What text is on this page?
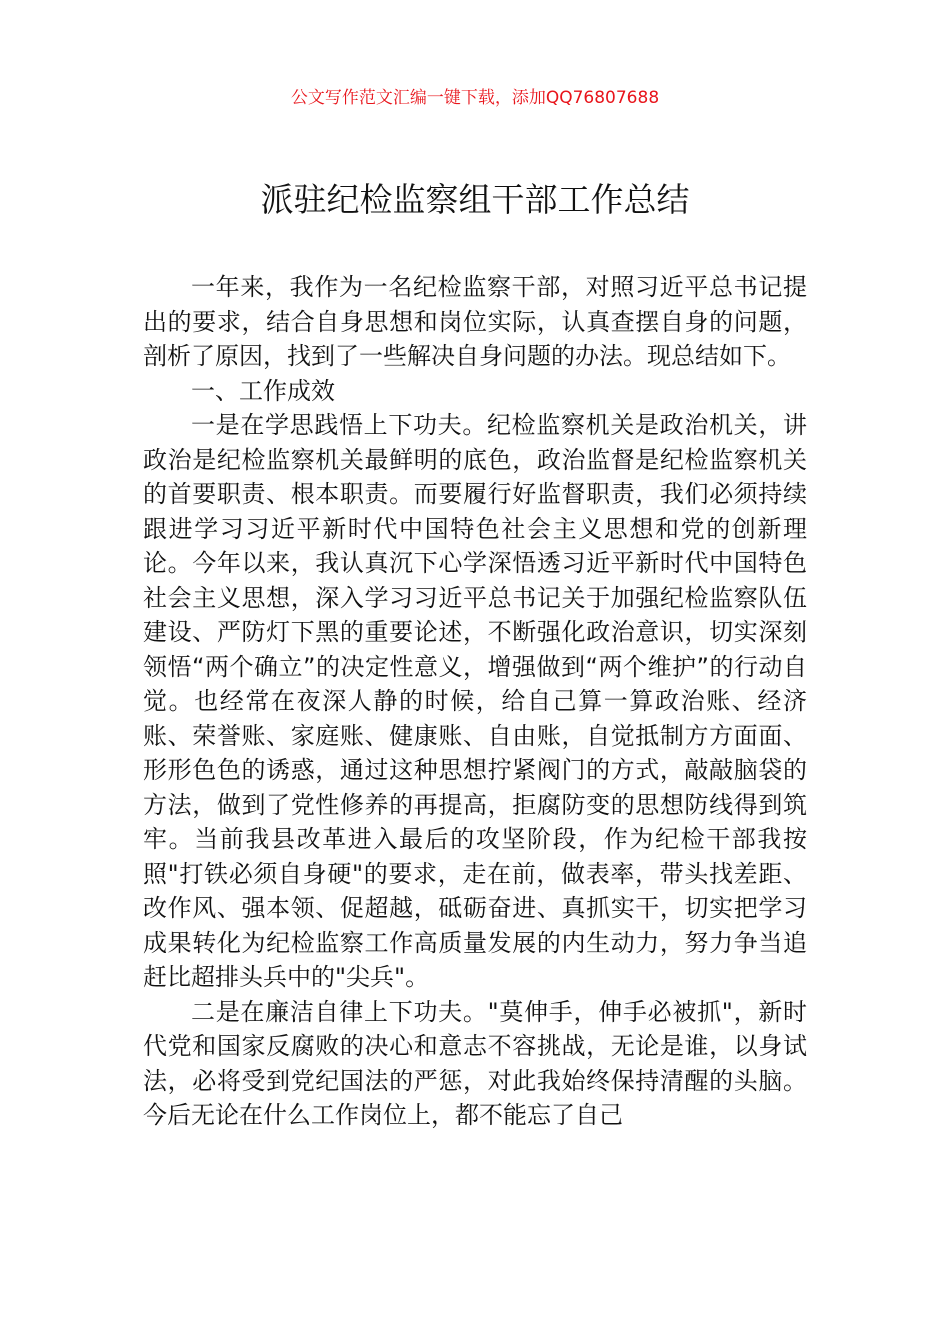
公文写作范文汇编一键下载，添加QQ76807688
派驻纪检监察组干部工作总结

一年来，我作为一名纪检监察干部，对照习近平总书记提出的要求，结合自身思想和岗位实际，认真查摆自身的问题，剖析了原因，找到了一些解决自身问题的办法。现总结如下。

一、工作成效

一是在学思践悟上下功夫。纪检监察机关是政治机关，讲政治是纪检监察机关最鲜明的底色，政治监督是纪检监察机关的首要职责、根本职责。而要履行好监督职责，我们必须持续跟进学习习近平新时代中国特色社会主义思想和党的创新理论。今年以来，我认真沉下心学深悟透习近平新时代中国特色社会主义思想，深入学习习近平总书记关于加强纪检监察队伍建设、严防灯下黑的重要论述，不断强化政治意识，切实深刻领悟“两个确立”的决定性意义，增强做到“两个维护”的行动自觉。也经常在夜深人静的时候，给自己算一算政治账、经济账、荣誉账、家庭账、健康账、自由账，自觉抵制方方面面、形形色色的诱惑，通过这种思想拧紧阀门的方式，敲敲脑袋的方法，做到了党性修养的再提高，拒腐防变的思想防线得到筑牢。当前我县改革进入最后的攻坚阶段，作为纪检干部我按照"打铁必须自身硬"的要求，走在前，做表率，带头找差距、改作风、强本领、促超越，砥砺奋进、真抓实干，切实把学习成果转化为纪检监察工作高质量发展的内生动力，努力争当追赶比超排头兵中的"尖兵"。

二是在廉洁自律上下功夫。"莫伸手，伸手必被抓"，新时代党和国家反腐败的决心和意志不容挑战，无论是谁，以身试法，必将受到党纪国法的严惩，对此我始终保持清醒的头脑。今后无论在什么工作岗位上，都不能忘了自己
